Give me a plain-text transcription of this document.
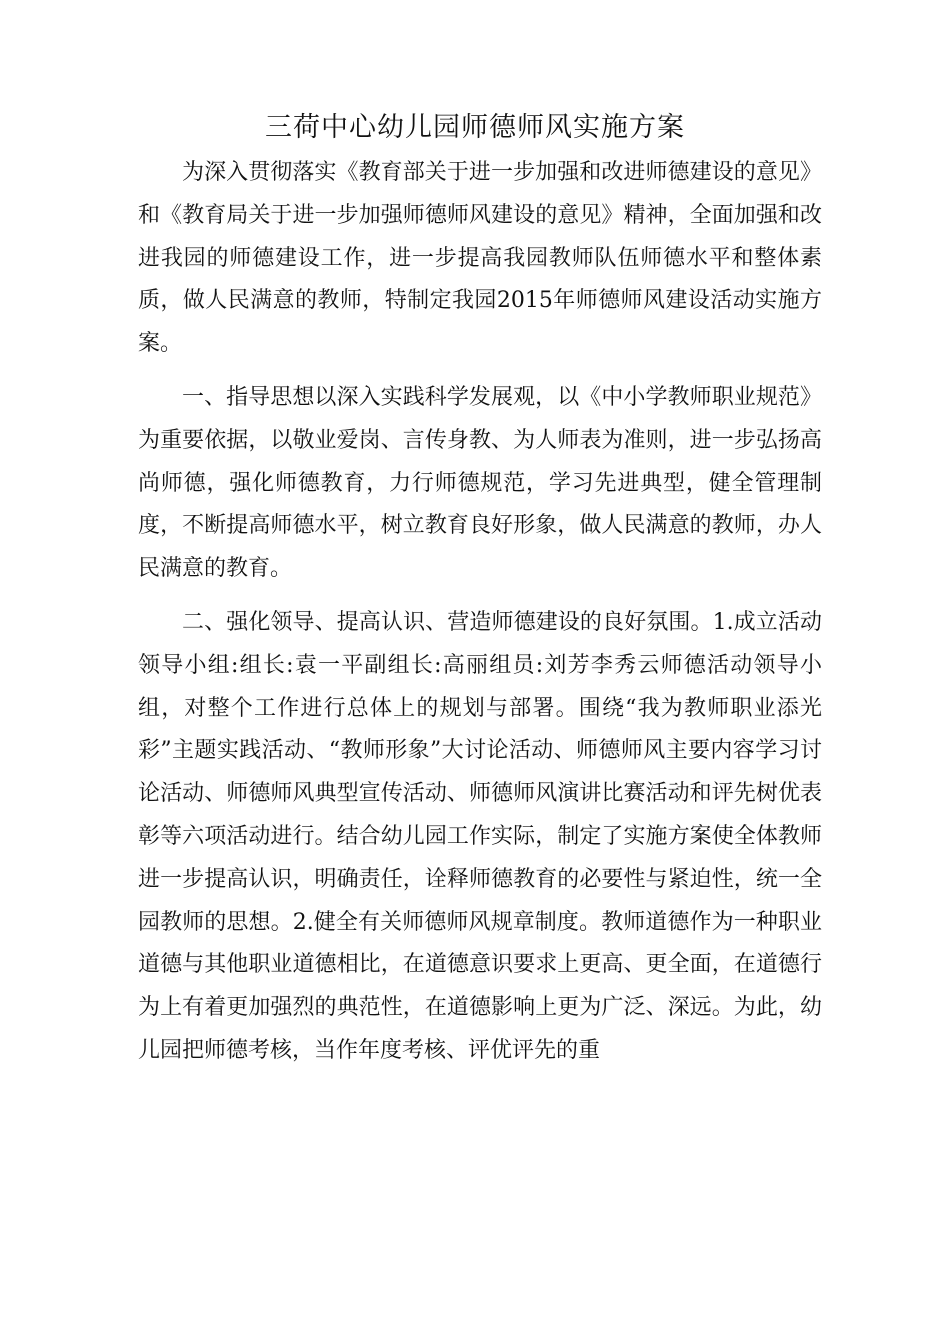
三荷中心幼儿园师德师风实施方案

为深入贯彻落实《教育部关于进一步加强和改进师德建设的意见》和《教育局关于进一步加强师德师风建设的意见》精神，全面加强和改进我园的师德建设工作，进一步提高我园教师队伍师德水平和整体素质，做人民满意的教师，特制定我园2015年师德师风建设活动实施方案。

一、指导思想以深入实践科学发展观，以《中小学教师职业规范》为重要依据，以敬业爱岗、言传身教、为人师表为准则，进一步弘扬高尚师德，强化师德教育，力行师德规范，学习先进典型，健全管理制度，不断提高师德水平，树立教育良好形象，做人民满意的教师，办人民满意的教育。

二、强化领导、提高认识、营造师德建设的良好氛围。1.成立活动领导小组:组长:袁一平副组长:高丽组员:刘芳李秀云师德活动领导小组，对整个工作进行总体上的规划与部署。围绕“我为教师职业添光彩”主题实践活动、“教师形象”大讨论活动、师德师风主要内容学习讨论活动、师德师风典型宣传活动、师德师风演讲比赛活动和评先树优表彰等六项活动进行。结合幼儿园工作实际，制定了实施方案使全体教师进一步提高认识，明确责任，诠释师德教育的必要性与紧迫性，统一全园教师的思想。2.健全有关师德师风规章制度。教师道德作为一种职业道德与其他职业道德相比，在道德意识要求上更高、更全面，在道德行为上有着更加强烈的典范性，在道德影响上更为广泛、深远。为此，幼儿园把师德考核，当作年度考核、评优评先的重
